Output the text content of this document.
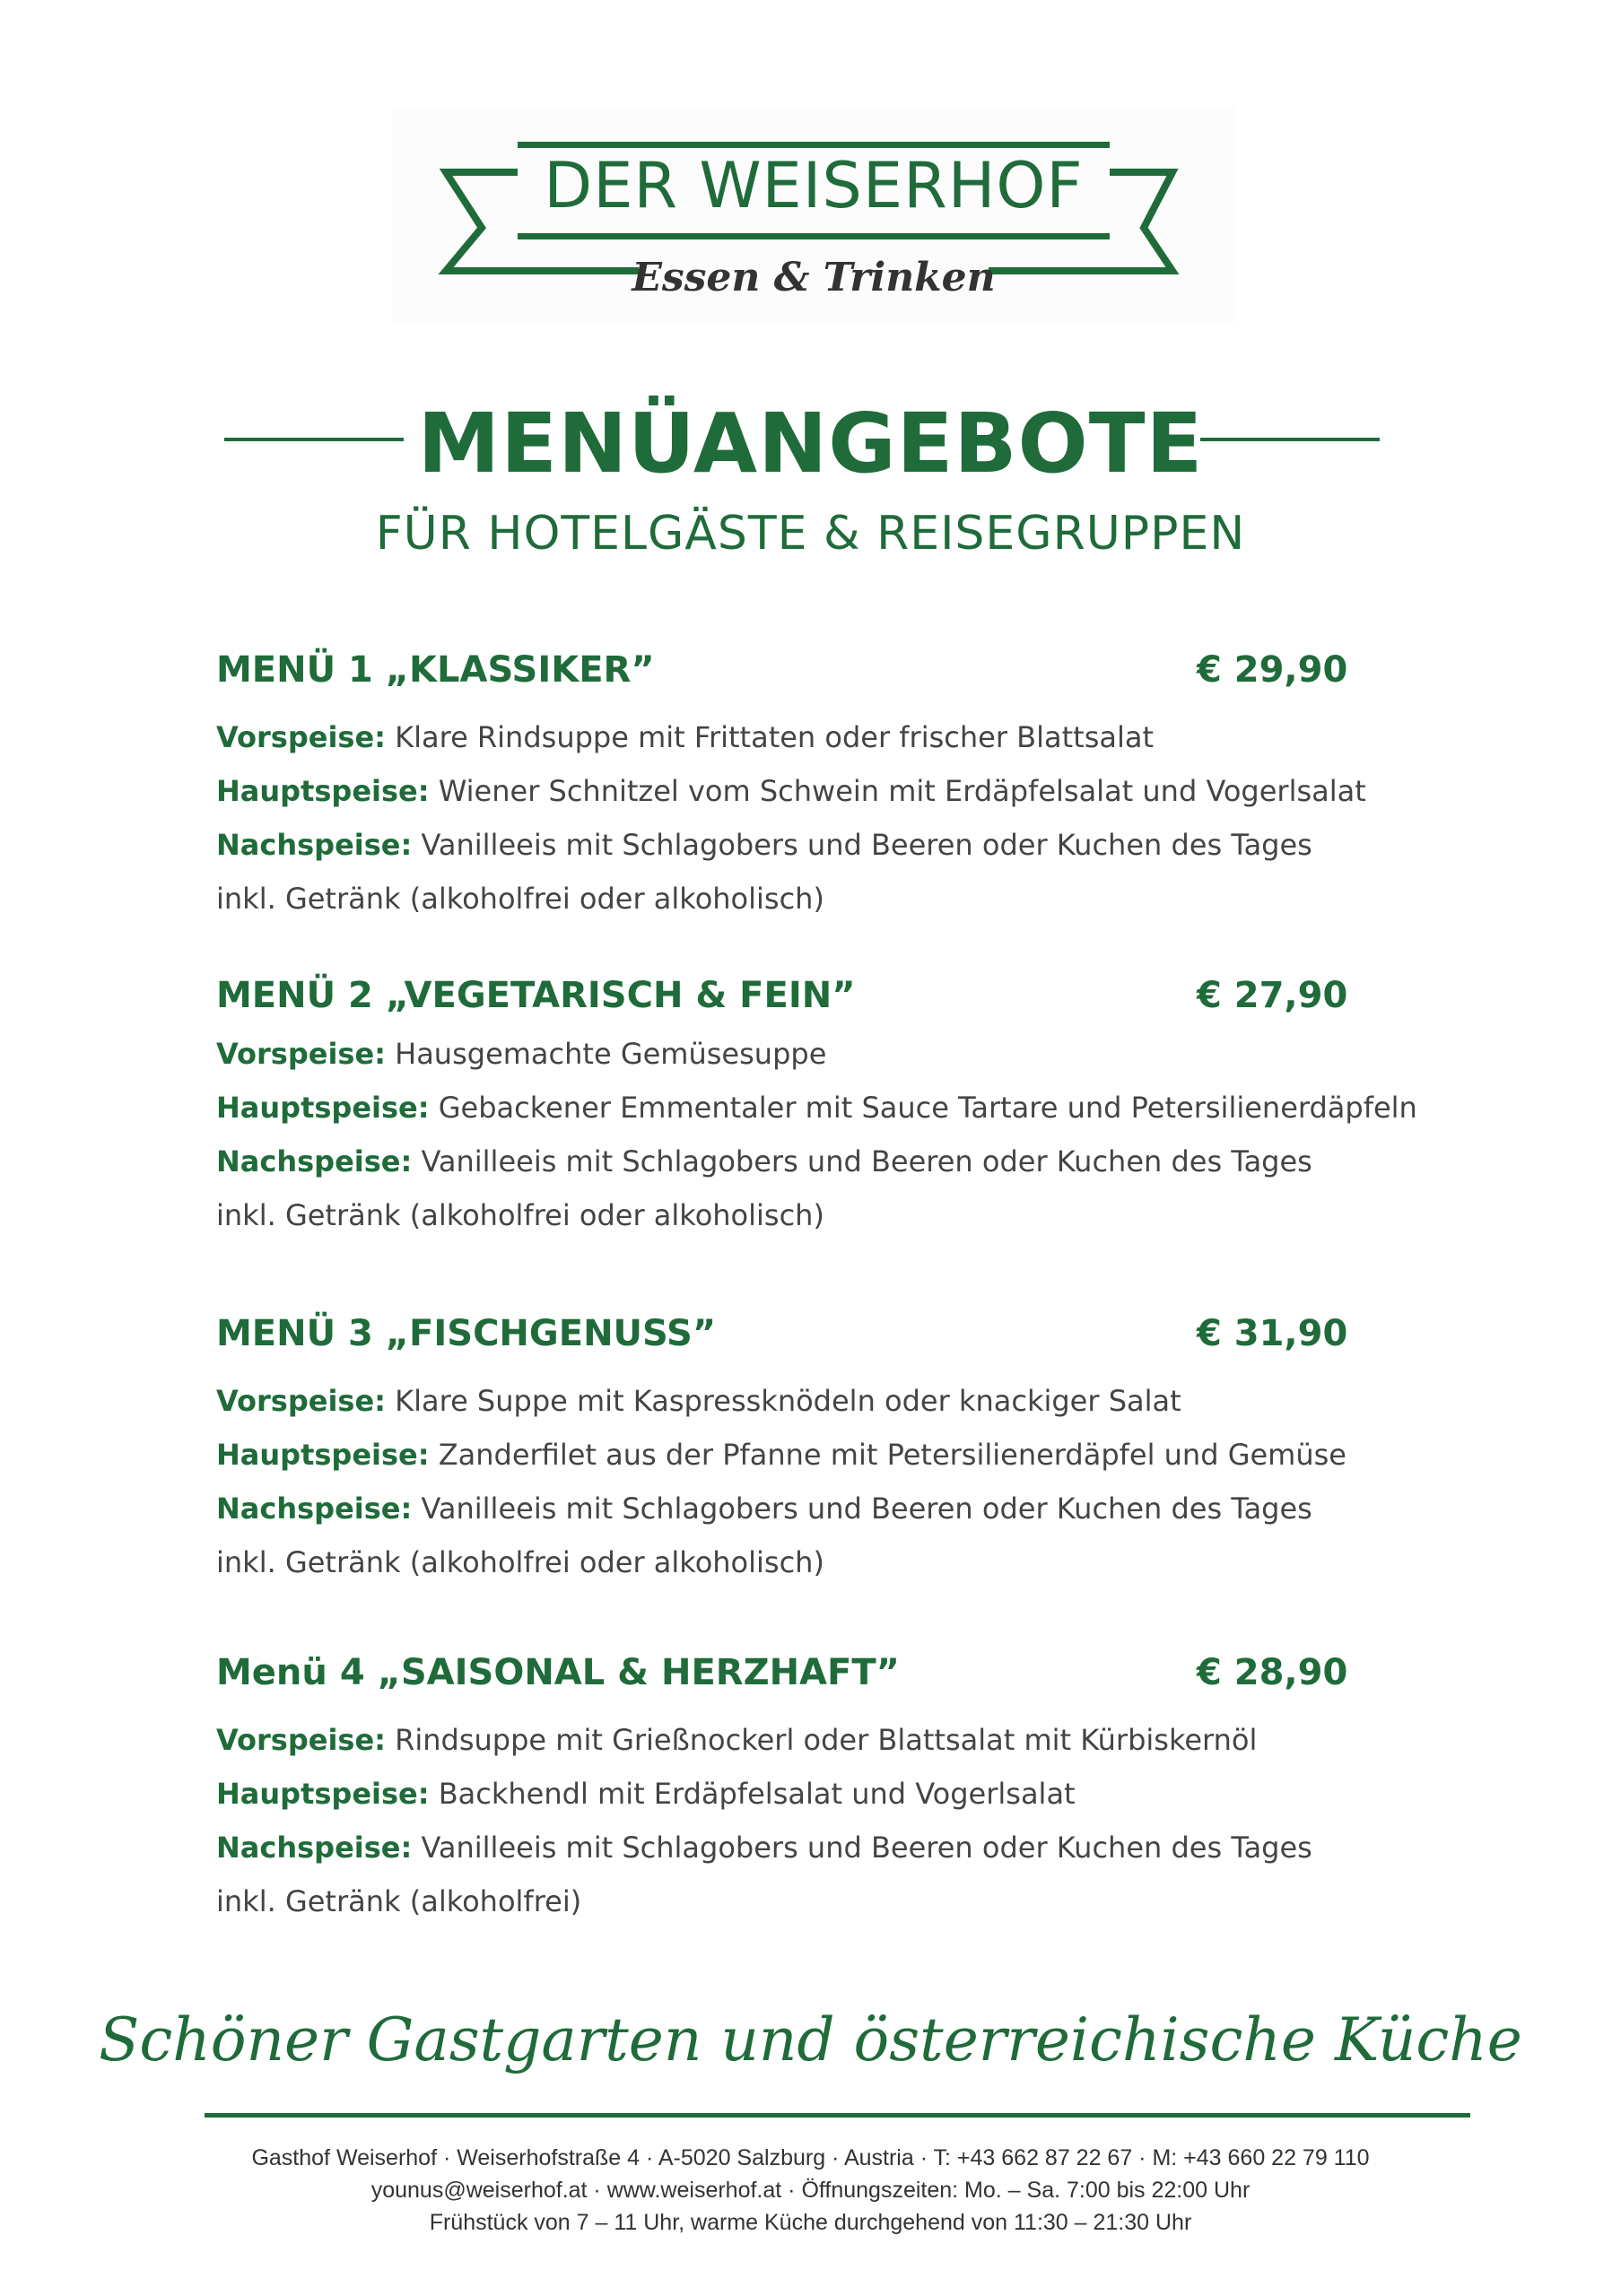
DER WEISERHOF
Essen & Trinken
MENÜANGEBOTE
FÜR HOTELGÄSTE & REISEGRUPPEN
MENÜ 1 „KLASSIKER”	€ 29,90
Vorspeise: Klare Rindsuppe mit Frittaten oder frischer Blattsalat
Hauptspeise: Wiener Schnitzel vom Schwein mit Erdäpfelsalat und Vogerlsalat
Nachspeise: Vanilleeis mit Schlagobers und Beeren oder Kuchen des Tages
inkl. Getränk (alkoholfrei oder alkoholisch)
MENÜ 2 „VEGETARISCH & FEIN”	€ 27,90
Vorspeise: Hausgemachte Gemüsesuppe
Hauptspeise: Gebackener Emmentaler mit Sauce Tartare und Petersilienerdäpfeln
Nachspeise: Vanilleeis mit Schlagobers und Beeren oder Kuchen des Tages
inkl. Getränk (alkoholfrei oder alkoholisch)
MENÜ 3 „FISCHGENUSS”	€ 31,90
Vorspeise: Klare Suppe mit Kaspressknödeln oder knackiger Salat
Hauptspeise: Zanderfilet aus der Pfanne mit Petersilienerdäpfel und Gemüse
Nachspeise: Vanilleeis mit Schlagobers und Beeren oder Kuchen des Tages
inkl. Getränk (alkoholfrei oder alkoholisch)
Menü 4 „SAISONAL & HERZHAFT”	€ 28,90
Vorspeise: Rindsuppe mit Grießnockerl oder Blattsalat mit Kürbiskernöl
Hauptspeise: Backhendl mit Erdäpfelsalat und Vogerlsalat
Nachspeise: Vanilleeis mit Schlagobers und Beeren oder Kuchen des Tages
inkl. Getränk (alkoholfrei)
Schöner Gastgarten und österreichische Küche
Gasthof Weiserhof · Weiserhofstraße 4 · A-5020 Salzburg · Austria · T: +43 662 87 22 67 · M: +43 660 22 79 110
younus@weiserhof.at · www.weiserhof.at · Öffnungszeiten: Mo. – Sa. 7:00 bis 22:00 Uhr
Frühstück von 7 – 11 Uhr, warme Küche durchgehend von 11:30 – 21:30 Uhr
